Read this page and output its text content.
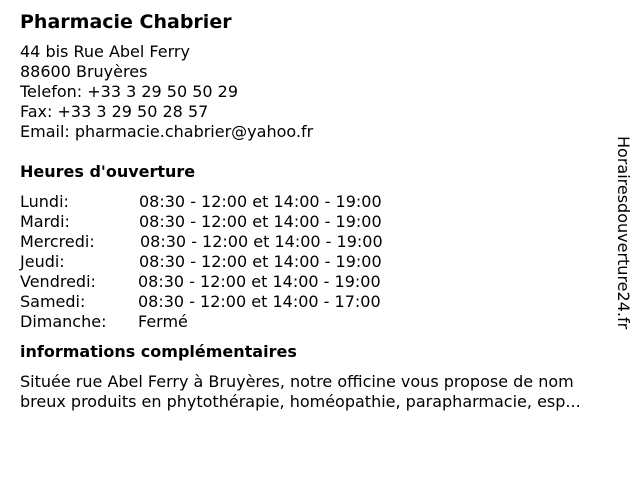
Pharmacie Chabrier
44 bis Rue Abel Ferry
88600 Bruyères
Telefon: +33 3 29 50 50 29
Fax: +33 3 29 50 28 57
Email: pharmacie.chabrier@yahoo.fr
Heures d'ouverture
Lundi:	08:30 - 12:00 et 14:00 - 19:00
Mardi:	08:30 - 12:00 et 14:00 - 19:00
Mercredi:	08:30 - 12:00 et 14:00 - 19:00
Jeudi:	08:30 - 12:00 et 14:00 - 19:00
Vendredi:	08:30 - 12:00 et 14:00 - 19:00
Samedi:	08:30 - 12:00 et 14:00 - 17:00
Dimanche:	Fermé
informations complémentaires
Située rue Abel Ferry à Bruyères, notre officine vous propose de nom
breux produits en phytothérapie, homéopathie, parapharmacie, esp...
Horairesdouverture24.fr
